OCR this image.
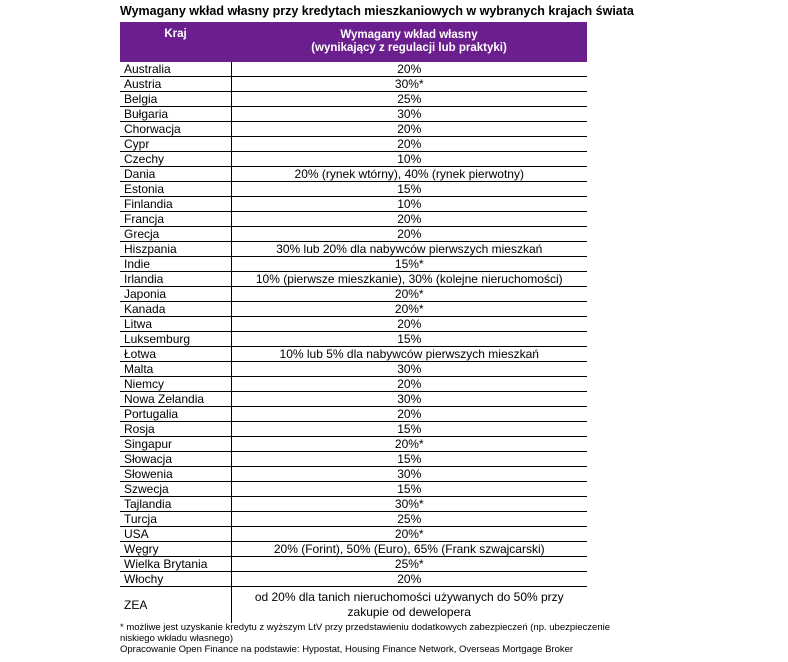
Wymagany wkład własny przy kredytach mieszkaniowych w wybranych krajach świata
Kraj	Wymagany wkład własny
(wynikający z regulacji lub praktyki)

Australia	20%
Austria	30%*
Belgia	25%
Bułgaria	30%
Chorwacja	20%
Cypr	20%
Czechy	10%
Dania	20% (rynek wtórny), 40% (rynek pierwotny)
Estonia	15%
Finlandia	10%
Francja	20%
Grecja	20%
Hiszpania	30% lub 20% dla nabywców pierwszych mieszkań
Indie	15%*
Irlandia	10% (pierwsze mieszkanie), 30% (kolejne nieruchomości)
Japonia	20%*
Kanada	20%*
Litwa	20%
Luksemburg	15%
Łotwa	10% lub 5% dla nabywców pierwszych mieszkań
Malta	30%
Niemcy	20%
Nowa Zelandia	30%
Portugalia	20%
Rosja	15%
Singapur	20%*
Słowacja	15%
Słowenia	30%
Szwecja	15%
Tajlandia	30%*
Turcja	25%
USA	20%*
Węgry	20% (Forint), 50% (Euro), 65% (Frank szwajcarski)
Wielka Brytania	25%*
Włochy	20%
ZEA	od 20% dla tanich nieruchomości używanych do 50% przy zakupie od dewelopera
* możliwe jest uzyskanie kredytu z wyższym LtV przy przedstawieniu dodatkowych zabezpieczeń (np. ubezpieczenie niskiego wkładu własnego)
Opracowanie Open Finance na podstawie: Hypostat, Housing Finance Network, Overseas Mortgage Broker
